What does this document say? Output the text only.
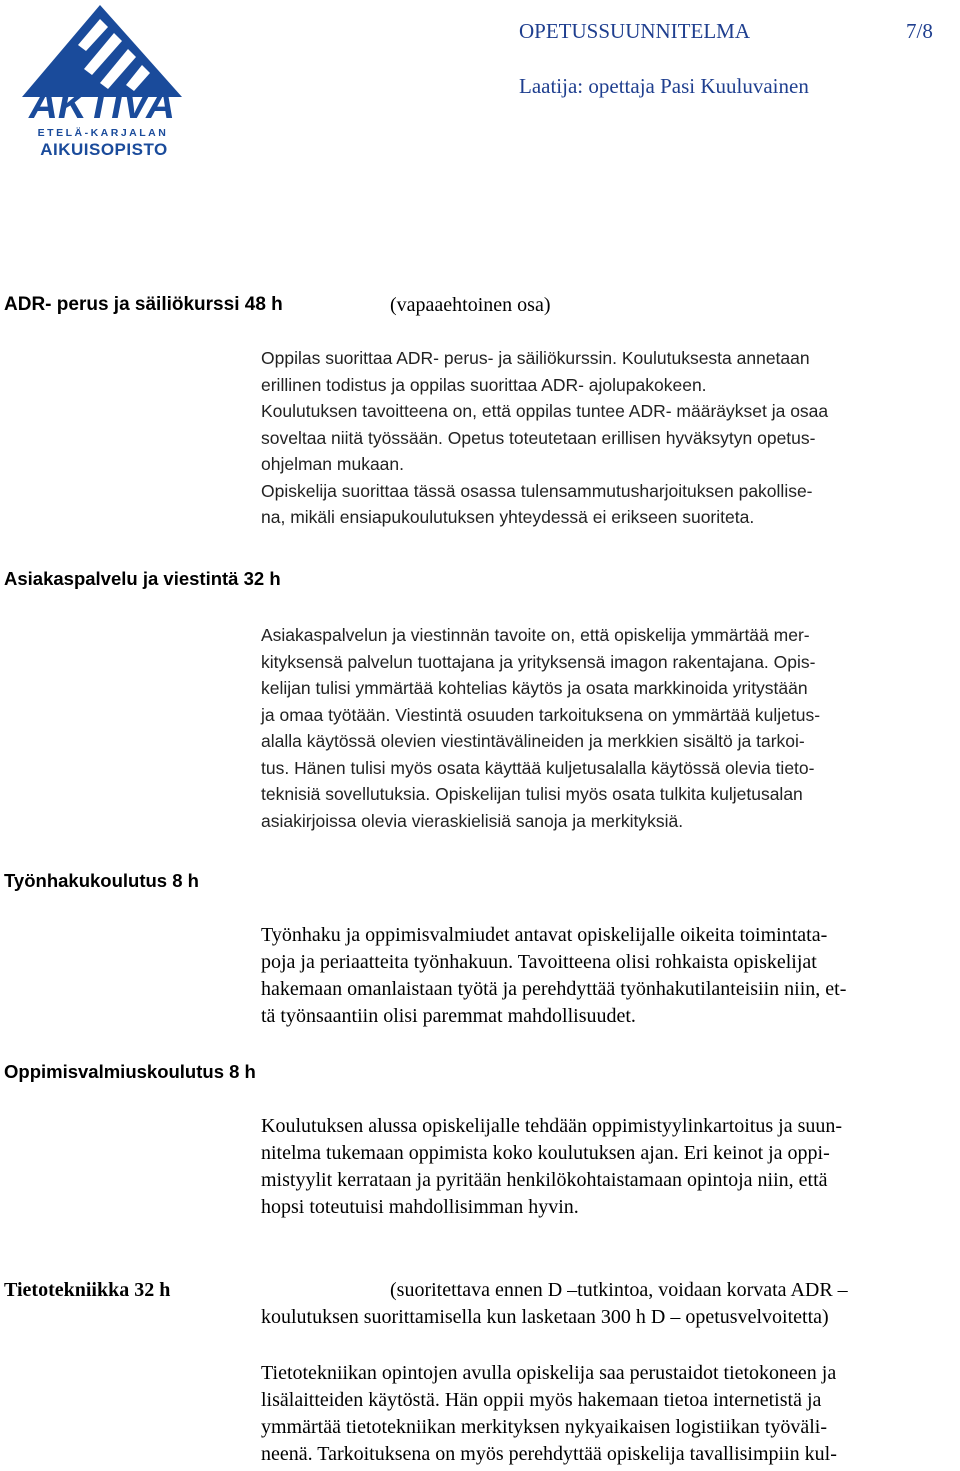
AKTIVA
ETELÄ-KARJALAN
AIKUISOPISTO
OPETUSSUUNNITELMA	7/8
Laatija: opettaja Pasi Kuuluvainen
ADR- perus ja säiliökurssi 48 h	(vapaaehtoinen osa)

Oppilas suorittaa ADR- perus- ja säiliökurssin. Koulutuksesta annetaan
erillinen todistus ja oppilas suorittaa ADR- ajolupakokeen.
Koulutuksen tavoitteena on, että oppilas tuntee ADR- määräykset ja osaa
soveltaa niitä työssään. Opetus toteutetaan erillisen hyväksytyn opetus-
ohjelman mukaan.
Opiskelija suorittaa tässä osassa tulensammutusharjoituksen pakollise-
na, mikäli ensiapukoulutuksen yhteydessä ei erikseen suoriteta.

Asiakaspalvelu ja viestintä 32 h

Asiakaspalvelun ja viestinnän tavoite on, että opiskelija ymmärtää mer-
kityksensä palvelun tuottajana ja yrityksensä imagon rakentajana. Opis-
kelijan tulisi ymmärtää kohtelias käytös ja osata markkinoida yritystään
ja omaa työtään. Viestintä osuuden tarkoituksena on ymmärtää kuljetus-
alalla käytössä olevien viestintävälineiden ja merkkien sisältö ja tarkoi-
tus. Hänen tulisi myös osata käyttää kuljetusalalla käytössä olevia tieto-
teknisiä sovellutuksia. Opiskelijan tulisi myös osata tulkita kuljetusalan
asiakirjoissa olevia vieraskielisiä sanoja ja merkityksiä.

Työnhakukoulutus 8 h

Työnhaku ja oppimisvalmiudet antavat opiskelijalle oikeita toimintata-
poja ja periaatteita työnhakuun. Tavoitteena olisi rohkaista opiskelijat
hakemaan omanlaistaan työtä ja perehdyttää työnhakutilanteisiin niin, et-
tä työnsaantiin olisi paremmat mahdollisuudet.

Oppimisvalmiuskoulutus 8 h

Koulutuksen alussa opiskelijalle tehdään oppimistyylinkartoitus ja suun-
nitelma tukemaan oppimista koko koulutuksen ajan. Eri keinot ja oppi-
mistyylit kerrataan ja pyritään henkilökohtaistamaan opintoja niin, että
hopsi toteutuisi mahdollisimman hyvin.

Tietotekniikka 32 h	(suoritettava ennen D –tutkintoa, voidaan korvata ADR –
koulutuksen suorittamisella kun lasketaan 300 h D – opetusvelvoitetta)

Tietotekniikan opintojen avulla opiskelija saa perustaidot tietokoneen ja
lisälaitteiden käytöstä. Hän oppii myös hakemaan tietoa internetistä ja
ymmärtää tietotekniikan merkityksen nykyaikaisen logistiikan työväli-
neenä. Tarkoituksena on myös perehdyttää opiskelija tavallisimpiin kul-
